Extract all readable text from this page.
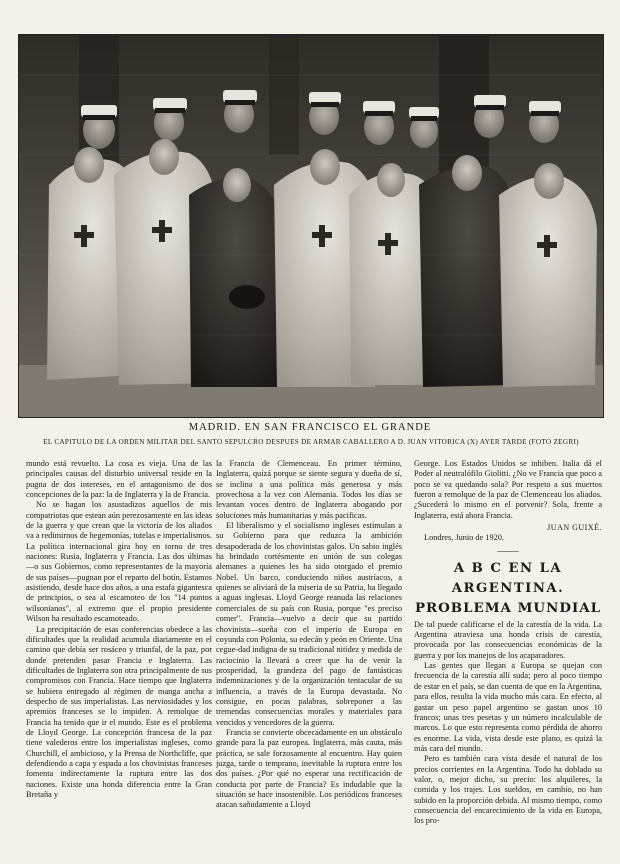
MADRID. EN SAN FRANCISCO EL GRANDE
EL CAPITULO DE LA ORDEN MILITAR DEL SANTO SEPULCRO DESPUES DE ARMAR CABALLERO A D. JUAN VITORICA (X) AYER TARDE (FOTO ZEGRI)

mundo está revuelto. La cosa es vieja. Una de las principales causas del disturbio universal reside en la pugna de dos intereses, en el antagonismo de dos concepciones de la paz: la de Inglaterra y la de Francia.

No se hagan los asustadizos aquellos de mis compatriotas que estean aún perezosamente en las ideas de la guerra y que crean que la victoria de los aliados va a redimirnos de hegemonías, tutelas e imperialismos. La política internacional gira hoy en torno de tres naciones: Rusia, Inglaterra y Francia. Las dos últimas—o sus Gobiernos, como representantes de la mayoría de sus países—pugnan por el reparto del botín. Estamos asistiendo, desde hace dos años, a una estafa gigantesca de principios, o sea al escamoteo de los "14 puntos wilsonianos", al extremo que el propio presidente Wilson ha resultado escamoteado.

La precipitación de esas conferencias obedece a las dificultades que la realidad acumula diariamente en el camino que debía ser rosáceo y triunfal, de la paz, por donde pretenden pasar Francia e Inglaterra. Las dificultades de Inglaterra son otra principalmente de sus compromisos con Francia. Hace tiempo que Inglaterra se hubiera entregado al régimen de manga ancha a despecho de sus imperialistas. Las nerviosidades y los apremios franceses se lo impiden. A remolque de Francia ha tenido que ir el mundo. Este es el problema de Lloyd George. La concepción francesa de la paz tiene valederos entre los imperialistas ingleses, como Churchill, el ambicioso, y la Prensa de Northcliffe, que defendiendo a capa y espada a los chovinistas franceses fomenta indirectamente la ruptura entre las dos naciones. Existe una honda diferencia entre la Gran Bretaña y

la Francia de Clemenceau. En primer término, Inglaterra, quizá porque se siente segura y dueña de sí, se inclina a una política más generosa y más provechosa a la vez con Alemania. Todos los días se levantan voces dentro de Inglaterra abogando por soluciones más humanitarias y más pacificas.

El liberalismo y el socialismo ingleses estimulan a su Gobierno para que reduzca la ambición desapoderada de los chovinistas galos. Un sabio inglés ha brindado cortésmente en unión de sus colegas alemanes a quienes les ha sido otorgado el premio Nobel. Un barco, conduciendo niños austríacos, a quienes se aliviará de la miseria de su Patria, ha llegado a aguas inglesas. Lloyd George reanuda las relaciones comerciales de su país con Rusia, porque "es preciso comer". Francia—vuelvo a decir que su partido chovinista—sueña con el imperio de Europa en coyunda con Polonia, su edecán y peón en Oriente. Una cegue-dad indigna de su tradicional nitidez y medida de raciocinio la llevará a creer que ha de venir la prosperidad, la grandeza del pago de fantásticas indemnizaciones y de la organización tentacular de su influencia, a través de la Europa devastada. No consigue, en pocas palabras, sobreponer a las tremendas consecuencias morales y materiales para vencidos y vencedores de la guerra.

Francia se convierte obcecadamente en un obstáculo grande para la paz europea. Inglaterra, más cauta, más práctica, se sale forzosamente al encuentro. Hay quien juzga, tarde o temprano, inevitable la ruptura entre los dos países. ¿Por qué no esperar una rectificación de conducta por parte de Francia? Es indudable que la situación se hace insostenible. Los periódicos franceses atacan sañudamente a Lloyd

George. Los Estados Unidos se inhiben. Italia dá el Poder al neutralófilo Giolitti. ¿No ve Francia que poco a poco se va quedando sola? Por respeto a sus muertos fueron a remolque de la paz de Clemenceau los aliados. ¿Sucederá lo mismo en el porvenir? Sola, frente a Inglaterra, está ahora Francia.

JUAN GUIXÉ.

Londres, Junio de 1920.

⸻
A B C EN LA
ARGENTINA.
PROBLEMA MUNDIAL

De tal puede calificarse el de la carestía de la vida. La Argentina atraviesa una honda crisis de carestía, provocada por las consecuencias económicas de la guerra y por los manejos de los acaparadores.

Las gentes que llegan a Europa se quejan con frecuencia de la carestía allí suda; pero al poco tiempo de estar en el país, se dan cuenta de que en la Argentina, para ellos, resulta la vida mucho más cara. En efecto, al gastar un peso papel argentino se gastan unos 10 francos; unas tres pesetas y un número incalculable de marcos. Lo que esto representa como pérdida de ahorro es enorme. La vida, vista desde este plano, es quizá la más cara del mundo.

Pero es también cara vista desde el natural de los precios corrientes en la Argentina. Todo ha doblado su valor, o, mejor dicho, su precio: los alquileres, la comida y los trajes. Los sueldos, en cambio, no han subido en la proporción debida. Al mismo tiempo, como consecuencia del encarecimiento de la vida en Europa, los pro-
